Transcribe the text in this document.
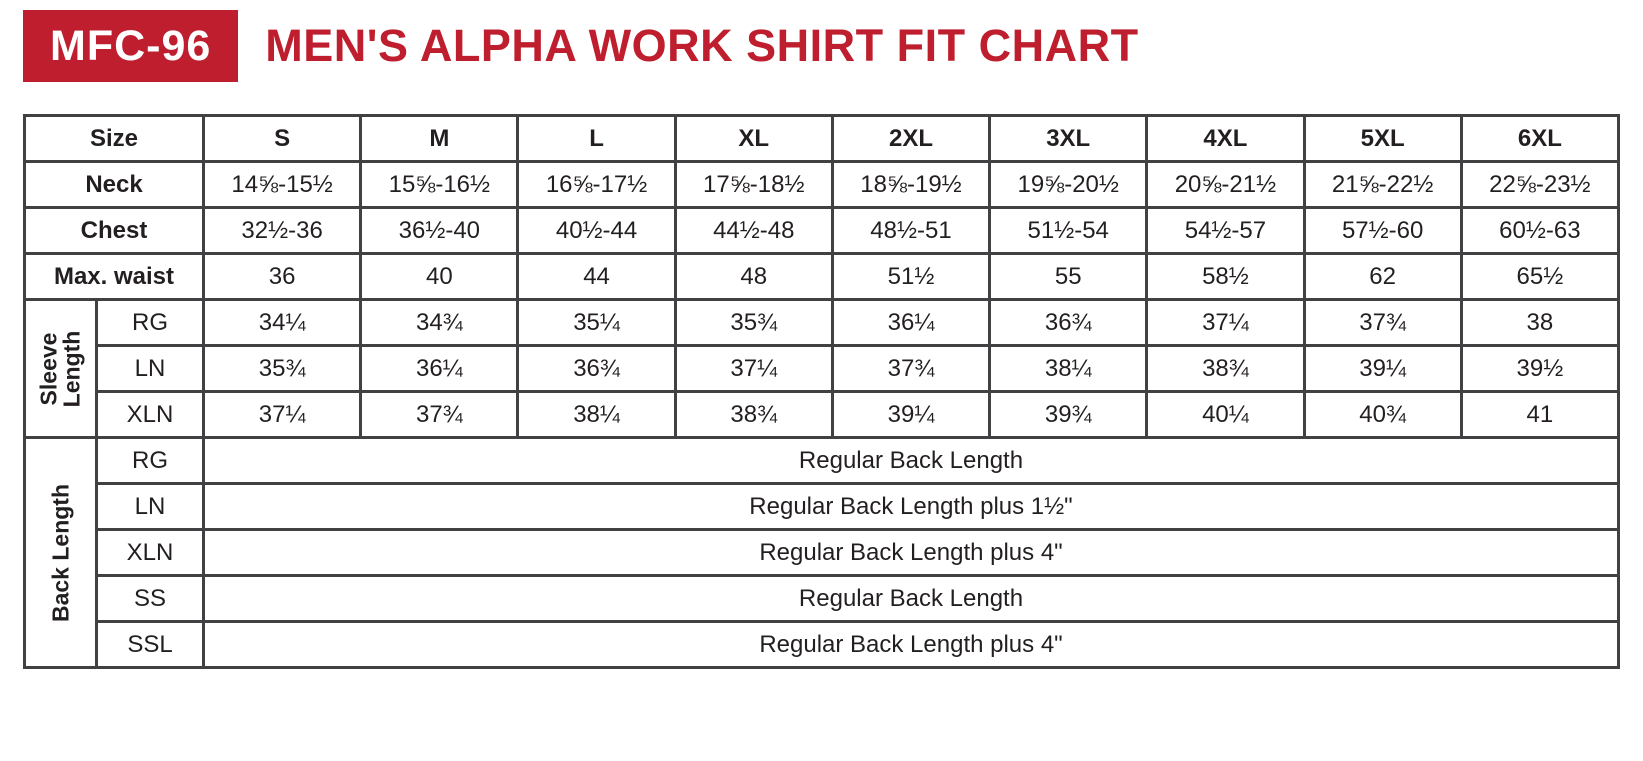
MFC-96	MEN'S ALPHA WORK SHIRT FIT CHART
Size		S	M	L	XL	2XL	3XL	4XL	5XL	6XL
Neck		14⅝-15½	15⅝-16½	16⅝-17½	17⅝-18½	18⅝-19½	19⅝-20½	20⅝-21½	21⅝-22½	22⅝-23½
Chest		32½-36	36½-40	40½-44	44½-48	48½-51	51½-54	54½-57	57½-60	60½-63
Max. waist		36	40	44	48	51½	55	58½	62	65½

Sleeve Length	RG	34¼	34¾	35¼	35¾	36¼	36¾	37¼	37¾	38
	LN	35¾	36¼	36¾	37¼	37¾	38¼	38¾	39¼	39½
	XLN	37¼	37¾	38¼	38¾	39¼	39¾	40¼	40¾	41

Back Length	RG	Regular Back Length								
	LN	Regular Back Length plus 1½"								
	XLN	Regular Back Length plus 4"								
	SS	Regular Back Length								
	SSL	Regular Back Length plus 4"								
